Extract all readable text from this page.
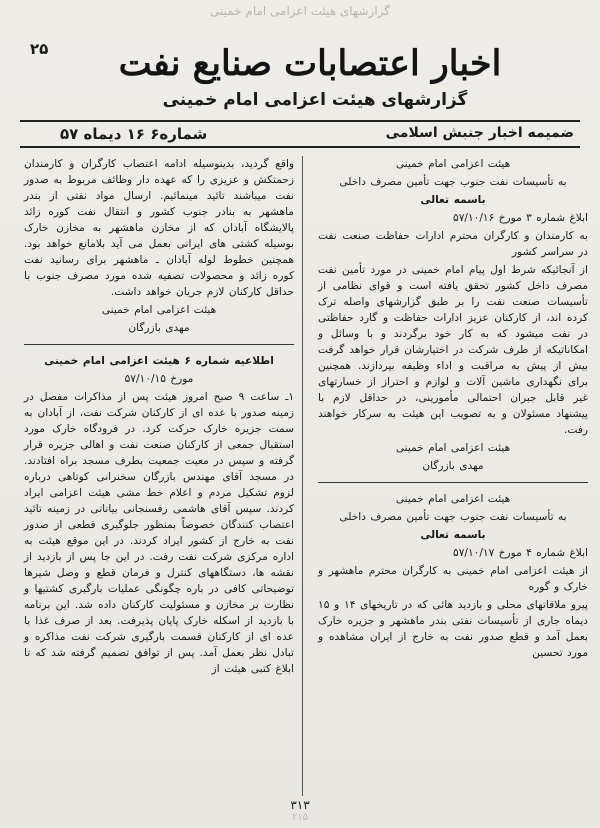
گزارشهای هیئت اعزامی امام خمینی
۲۵	اخبار اعتصابات صنایع نفت
گزارشهای هیئت اعزامی امام خمینی
ضمیمه اخبار جنبش اسلامی
شماره۶ ۱۶ دیماه ۵۷

هیئت اعزامی امام خمینی

به تأسیسات نفت جنوب جهت تأمین مصرف داخلی

باسمه تعالی

ابلاغ شماره ۳ مورخ ۵۷/۱۰/۱۶

به کارمندان و کارگران محترم ادارات حفاظت صنعت نفت در سراسر کشور

از آنجائیکه شرط اول پیام امام خمینی در مورد تأمین نفت مصرف داخل کشور تحقق یافته است و قوای نظامی از تأسیسات صنعت نفت را بر طبق گزارشهای واصله ترک کرده اند، از کارکنان عزیز ادارات حفاظت و گارد حفاظتی در نفت میشود که به کار خود برگردند و با وسائل و امکاناتیکه از طرف شرکت در اختیارشان قرار خواهد گرفت بیش از پیش به مراقبت و اداء وظیفه بپردازند. همچنین برای نگهداری ماشین آلات و لوازم و احتراز از خسارتهای غیر قابل جبران احتمالی مأمورینی، در حداقل لازم با پیشنهاد مسئولان و به تصویب این هیئت به سرکار خواهند رفت.

هیئت اعزامی امام خمینی

مهدی بازرگان

هیئت اعزامی امام خمینی

به تأسیسات نفت جنوب جهت تأمین مصرف داخلی

باسمه تعالی

ابلاغ شماره ۴ مورخ ۵۷/۱۰/۱۷

از هیئت اعزامی امام خمینی به کارگران محترم ماهشهر و خارک و گوره

پیرو ملاقاتهای محلی و بازدید هائی که در تاریخهای ۱۴ و ۱۵ دیماه جاری از تأسیسات نفتی بندر ماهشهر و جزیره خارک بعمل آمد و قطع صدور نفت به خارج از ایران مشاهده و مورد تحسین

واقع گردید، بدینوسیله ادامه اعتصاب کارگران و کارمندان زحمتکش و عزیزی را که عهده دار وظائف مربوط به صدور نفت میباشند تائید مینمائیم. ارسال مواد نفتی از بندر ماهشهر به بنادر جنوب کشور و انتقال نفت کوره زائد پالایشگاه آبادان که از مخازن ماهشهر به مخازن خارک بوسیله کشتی های ایرانی بعمل می آید بلامانع خواهد بود. همچنین خطوط لوله آبادان ـ ماهشهر برای رسانید نفت کوره زائد و محصولات تصفیه شده مورد مصرف جنوب با حداقل کارکنان لازم جریان خواهد داشت.

هیئت اعزامی امام خمینی

مهدی بازرگان

اطلاعیه شماره ۶ هیئت اعزامی امام خمینی

مورخ ۵۷/۱۰/۱۵

۱ـ ساعت ۹ صبح امروز هیئت پس از مذاکرات مفصل در زمینه صدور با عده ای از کارکنان شرکت نفت، از آبادان به سمت جزیره خارک حرکت کرد. در فرودگاه خارک مورد استقبال جمعی از کارکنان صنعت نفت و اهالی جزیره قرار گرفته و سپس در معیت جمعیت بطرف مسجد براه افتادند. در مسجد آقای مهندس بازرگان سخنرانی کوتاهی درباره لزوم تشکیل مردم و اعلام خط مشی هیئت اعزامی ایراد کردند. سپس آقای هاشمی رفسنجانی بیاناتی در زمینه تائید اعتصاب کنندگان خصوصاً بمنظور جلوگیری قطعی از صدور نفت به خارج از کشور ایراد کردند. در این موقع هیئت به اداره مرکزی شرکت نفت رفت. در این جا پس از بازدید از نقشه ها، دستگاههای کنترل و فرمان قطع و وصل شیرها توضیحاتی کافی در باره چگونگی عملیات بارگیری کشتیها و نظارت بر مخازن و مسئولیت کارکنان داده شد. این برنامه با بازدید از اسکله خارک پایان پذیرفت. بعد از صرف غذا با عده ای از کارکنان قسمت بارگیری شرکت نفت مذاکره و تبادل نظر بعمل آمد. پس از توافق تصمیم گرفته شد که تا ابلاغ کتبی هیئت از

۳۱۳
۲۱۵
